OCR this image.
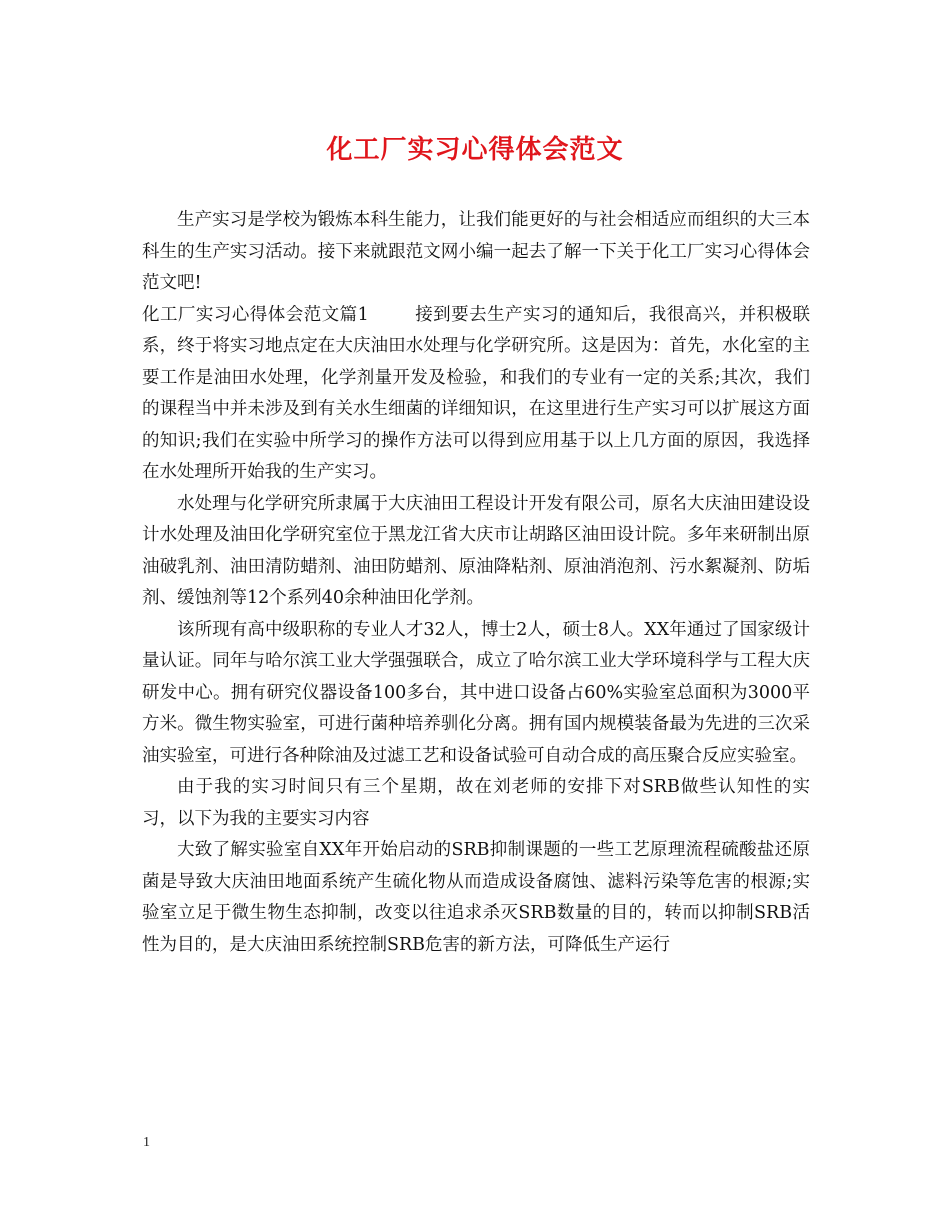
化工厂实习心得体会范文

生产实习是学校为锻炼本科生能力，让我们能更好的与社会相适应而组织的大三本科生的生产实习活动。接下来就跟范文网小编一起去了解一下关于化工厂实习心得体会范文吧!

化工厂实习心得体会范文篇1	接到要去生产实习的通知后，我很高兴，并积极联系，终于将实习地点定在大庆油田水处理与化学研究所。这是因为：首先，水化室的主要工作是油田水处理，化学剂量开发及检验，和我们的专业有一定的关系;其次，我们的课程当中并未涉及到有关水生细菌的详细知识，在这里进行生产实习可以扩展这方面的知识;我们在实验中所学习的操作方法可以得到应用基于以上几方面的原因，我选择在水处理所开始我的生产实习。

水处理与化学研究所隶属于大庆油田工程设计开发有限公司，原名大庆油田建设设计水处理及油田化学研究室位于黑龙江省大庆市让胡路区油田设计院。多年来研制出原油破乳剂、油田清防蜡剂、油田防蜡剂、原油降粘剂、原油消泡剂、污水絮凝剂、防垢剂、缓蚀剂等12个系列40余种油田化学剂。

该所现有高中级职称的专业人才32人，博士2人，硕士8人。XX年通过了国家级计量认证。同年与哈尔滨工业大学强强联合，成立了哈尔滨工业大学环境科学与工程大庆研发中心。拥有研究仪器设备100多台，其中进口设备占60%实验室总面积为3000平方米。微生物实验室，可进行菌种培养驯化分离。拥有国内规模装备最为先进的三次采油实验室，可进行各种除油及过滤工艺和设备试验可自动合成的高压聚合反应实验室。

由于我的实习时间只有三个星期，故在刘老师的安排下对SRB做些认知性的实习，以下为我的主要实习内容

大致了解实验室自XX年开始启动的SRB抑制课题的一些工艺原理流程硫酸盐还原菌是导致大庆油田地面系统产生硫化物从而造成设备腐蚀、滤料污染等危害的根源;实验室立足于微生物生态抑制，改变以往追求杀灭SRB数量的目的，转而以抑制SRB活性为目的，是大庆油田系统控制SRB危害的新方法，可降低生产运行

1
